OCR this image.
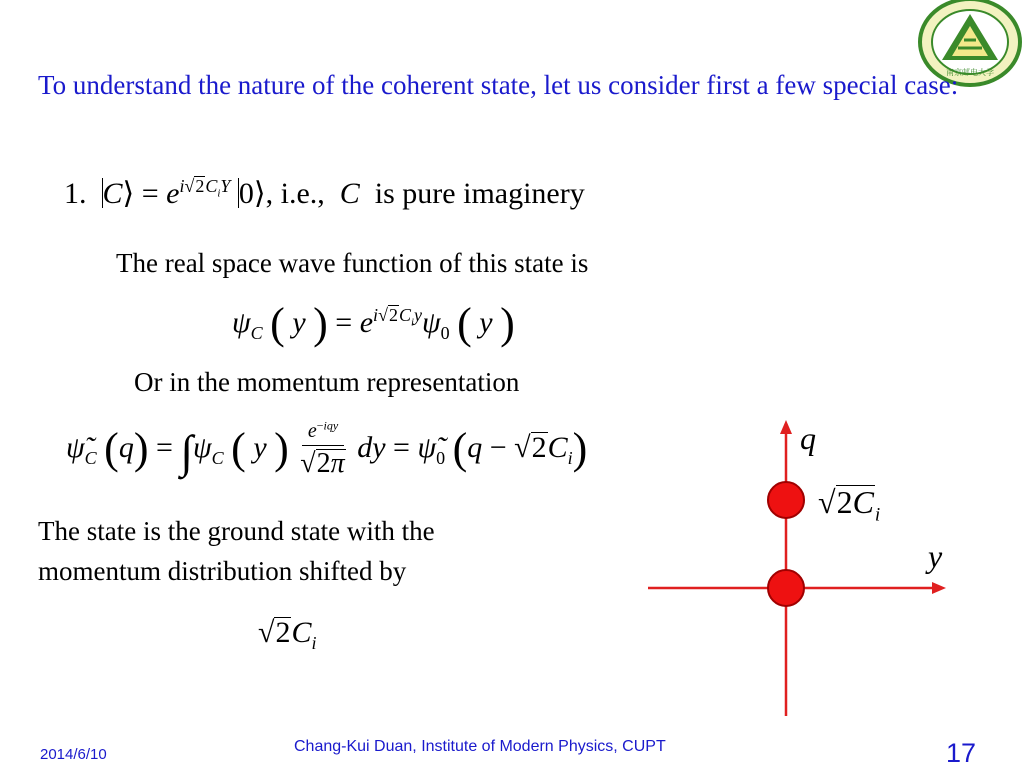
南京邮电大学
To understand the nature of the coherent state, let us consider first a few special case:
1. C⟩ = $e^{i√2C_iY}$ 0⟩, i.e., C is pure imaginery
The real space wave function of this state is
$\psi_C$ ( y ) = $e^{i√2C_iy}\psi_0$ ( y )
Or in the momentum representation
$\psĩ_C$ $(q) = \int\psi_C$ ( y ) $\frac{e^{-iqy}}{√2\pi}$ dy = $\psĩ_0$ $(q - √2C_i)$
The state is the ground state with the
momentum distribution shifted by
$√2C_i$
q
y
$√2C_i$
2014/6/10	Chang-Kui Duan, Institute of Modern Physics, CUPT	17
